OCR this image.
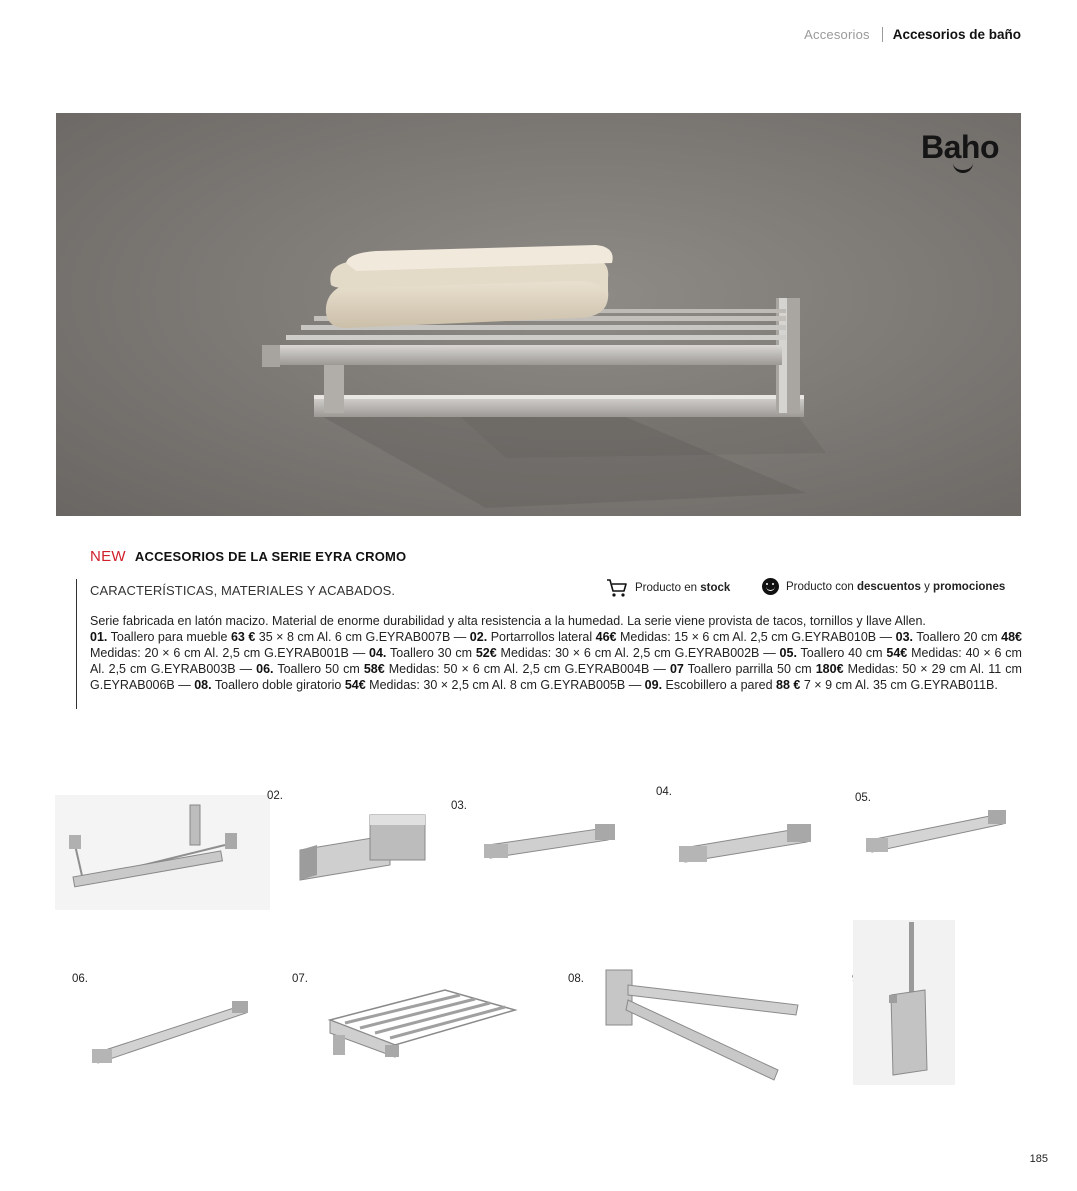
Accesorios Accesorios de baño
Baho
NEW ACCESORIOS DE LA SERIE EYRA CROMO
CARACTERÍSTICAS, MATERIALES Y ACABADOS.	Producto en stock	Producto con descuentos y promociones

Serie fabricada en latón macizo. Material de enorme durabilidad y alta resistencia a la humedad. La serie viene provista de tacos, tornillos y llave Allen.

01. Toallero para mueble 63 € 35 × 8 cm Al. 6 cm G.EYRAB007B — 02. Portarrollos lateral 46€ Medidas: 15 × 6 cm Al. 2,5 cm G.EYRAB010B — 03. Toallero 20 cm 48€ Medidas: 20 × 6 cm Al. 2,5 cm G.EYRAB001B — 04. Toallero 30 cm 52€ Medidas: 30 × 6 cm Al. 2,5 cm G.EYRAB002B — 05. Toallero 40 cm 54€ Medidas: 40 × 6 cm Al. 2,5 cm G.EYRAB003B — 06. Toallero 50 cm 58€ Medidas: 50 × 6 cm Al. 2,5 cm G.EYRAB004B — 07 Toallero parrilla 50 cm 180€ Medidas: 50 × 29 cm Al. 11 cm G.EYRAB006B — 08. Toallero doble giratorio 54€ Medidas: 30 × 2,5 cm Al. 8 cm G.EYRAB005B — 09. Escobillero a pared 88 € 7 × 9 cm Al. 35 cm G.EYRAB011B.

02.
03.
04.	05.
06.	07.	08.
185
